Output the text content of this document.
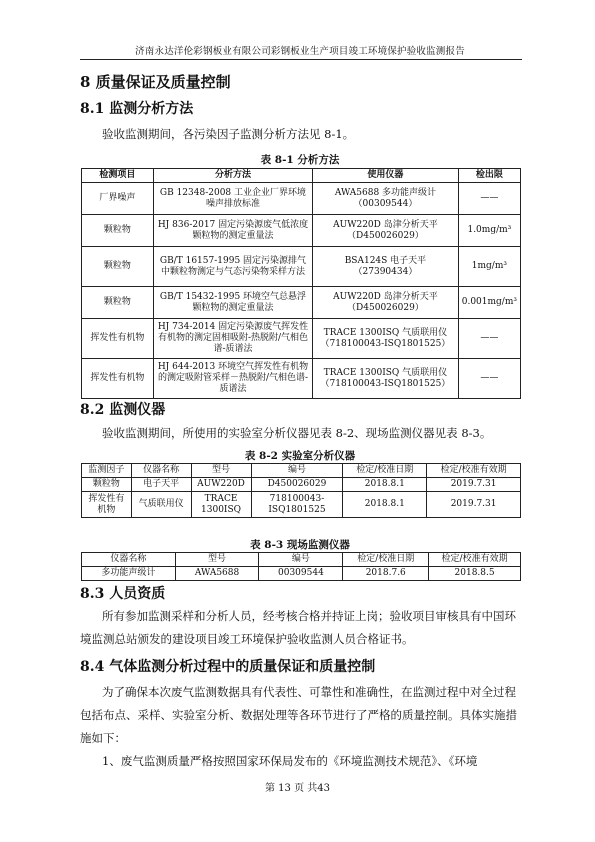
济南永达洋伦彩钢板业有限公司彩钢板业生产项目竣工环境保护验收监测报告
8 质量保证及质量控制
8.1 监测分析方法
验收监测期间，各污染因子监测分析方法见 8-1。
表 8-1 分析方法
检测项目	分析方法	使用仪器	检出限
厂界噪声	GB 12348-2008 工业企业厂界环境噪声排放标准	AWA5688 多功能声级计（00309544）	——
颗粒物	HJ 836-2017 固定污染源废气低浓度颗粒物的测定重量法	AUW220D 岛津分析天平（D450026029）	1.0mg/m³
颗粒物	GB/T 16157-1995 固定污染源排气中颗粒物测定与气态污染物采样方法	BSA124S 电子天平（27390434）	1mg/m³
颗粒物	GB/T 15432-1995 环境空气总悬浮颗粒物的测定重量法	AUW220D 岛津分析天平（D450026029）	0.001mg/m³
挥发性有机物	HJ 734-2014 固定污染源废气挥发性有机物的测定固相吸附-热脱附/气相色谱-质谱法	TRACE 1300ISQ 气质联用仪（718100043-ISQ1801525）	——
挥发性有机物	HJ 644-2013 环境空气挥发性有机物的测定吸附管采样－热脱附/气相色谱-质谱法	TRACE 1300ISQ 气质联用仪（718100043-ISQ1801525）	——
8.2 监测仪器
验收监测期间，所使用的实验室分析仪器见表 8-2、现场监测仪器见表 8-3。
表 8-2 实验室分析仪器
监测因子	仪器名称	型号	编号	检定/校准日期	检定/校准有效期
颗粒物	电子天平	AUW220D	D450026029	2018.8.1	2019.7.31
挥发性有机物	气质联用仪	TRACE 1300ISQ	718100043-ISQ1801525	2018.8.1	2019.7.31
表 8-3 现场监测仪器
仪器名称	型号	编号	检定/校准日期	检定/校准有效期
多功能声级计	AWA5688	00309544	2018.7.6	2018.8.5
8.3 人员资质
所有参加监测采样和分析人员，经考核合格并持证上岗；验收项目审核具有中国环境监测总站颁发的建设项目竣工环境保护验收监测人员合格证书。
8.4 气体监测分析过程中的质量保证和质量控制
为了确保本次废气监测数据具有代表性、可靠性和准确性，在监测过程中对全过程包括布点、采样、实验室分析、数据处理等各环节进行了严格的质量控制。具体实施措施如下：
1、废气监测质量严格按照国家环保局发布的《环境监测技术规范》、《环境
第 13 页 共43
